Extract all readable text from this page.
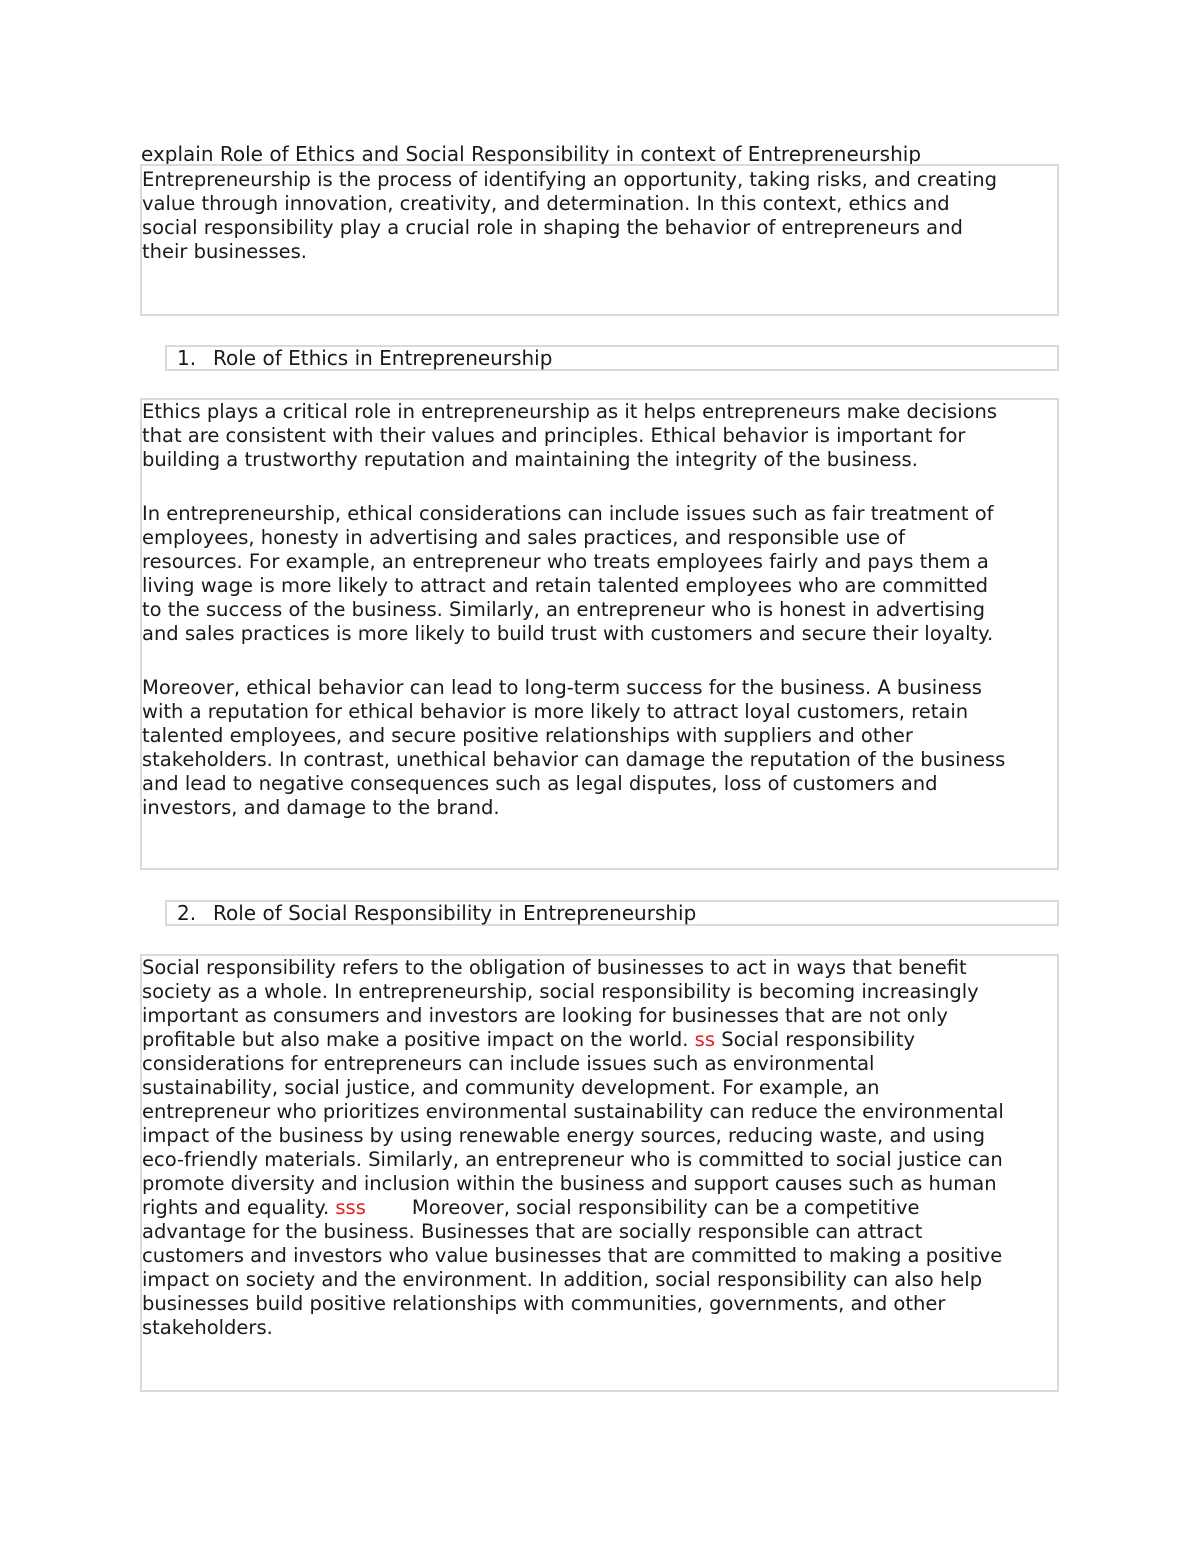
explain Role of Ethics and Social Responsibility in context of Entrepreneurship

Entrepreneurship is the process of identifying an opportunity, taking risks, and creating

value through innovation, creativity, and determination. In this context, ethics and

social responsibility play a crucial role in shaping the behavior of entrepreneurs and

their businesses.

1. Role of Ethics in Entrepreneurship

Ethics plays a critical role in entrepreneurship as it helps entrepreneurs make decisions

that are consistent with their values and principles. Ethical behavior is important for

building a trustworthy reputation and maintaining the integrity of the business.

In entrepreneurship, ethical considerations can include issues such as fair treatment of

employees, honesty in advertising and sales practices, and responsible use of

resources. For example, an entrepreneur who treats employees fairly and pays them a

living wage is more likely to attract and retain talented employees who are committed

to the success of the business. Similarly, an entrepreneur who is honest in advertising

and sales practices is more likely to build trust with customers and secure their loyalty.

Moreover, ethical behavior can lead to long-term success for the business. A business

with a reputation for ethical behavior is more likely to attract loyal customers, retain

talented employees, and secure positive relationships with suppliers and other

stakeholders. In contrast, unethical behavior can damage the reputation of the business

and lead to negative consequences such as legal disputes, loss of customers and

investors, and damage to the brand.

2. Role of Social Responsibility in Entrepreneurship

Social responsibility refers to the obligation of businesses to act in ways that benefit

society as a whole. In entrepreneurship, social responsibility is becoming increasingly

important as consumers and investors are looking for businesses that are not only

profitable but also make a positive impact on the world. ss Social responsibility

considerations for entrepreneurs can include issues such as environmental

sustainability, social justice, and community development. For example, an

entrepreneur who prioritizes environmental sustainability can reduce the environmental

impact of the business by using renewable energy sources, reducing waste, and using

eco-friendly materials. Similarly, an entrepreneur who is committed to social justice can

promote diversity and inclusion within the business and support causes such as human

rights and equality. sss Moreover, social responsibility can be a competitive

advantage for the business. Businesses that are socially responsible can attract

customers and investors who value businesses that are committed to making a positive

impact on society and the environment. In addition, social responsibility can also help

businesses build positive relationships with communities, governments, and other

stakeholders.
